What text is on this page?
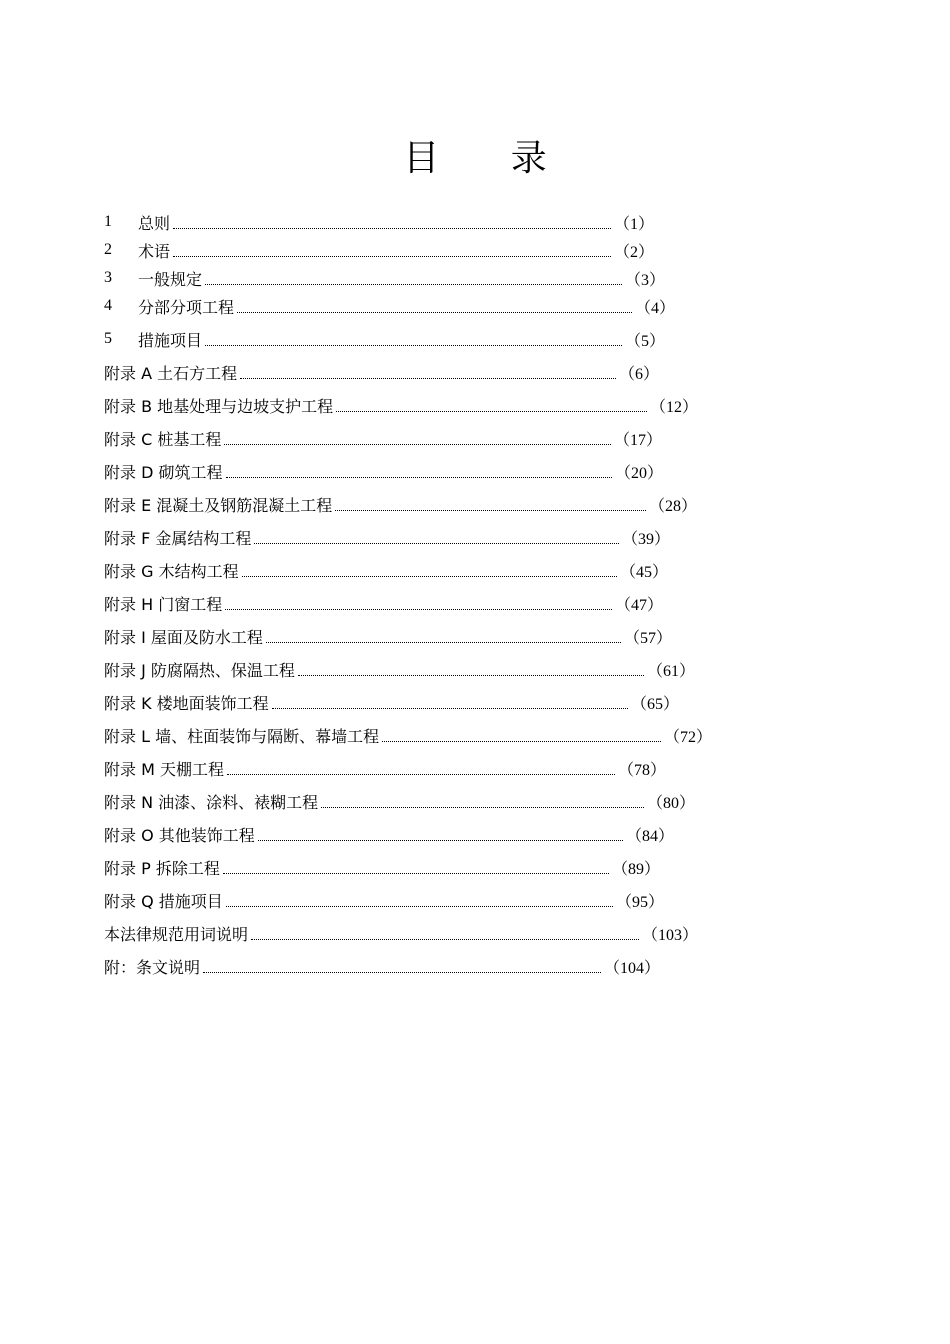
目 录
1	总则	（1）
2	术语	（2）
3	一般规定	（3）
4	分部分项工程	（4）
5	措施项目	（5）
附录 A 土石方工程	（6）
附录 B 地基处理与边坡支护工程	（12）
附录 C 桩基工程	（17）
附录 D 砌筑工程	（20）
附录 E 混凝土及钢筋混凝土工程	（28）
附录 F 金属结构工程	（39）
附录 G 木结构工程	（45）
附录 H 门窗工程	（47）
附录 I 屋面及防水工程	（57）
附录 J 防腐隔热、保温工程	（61）
附录 K 楼地面装饰工程	（65）
附录 L 墙、柱面装饰与隔断、幕墙工程	（72）
附录 M 天棚工程	（78）
附录 N 油漆、涂料、裱糊工程	（80）
附录 O 其他装饰工程	（84）
附录 P 拆除工程	（89）
附录 Q 措施项目	（95）
本法律规范用词说明	（103）
附：条文说明	（104）
